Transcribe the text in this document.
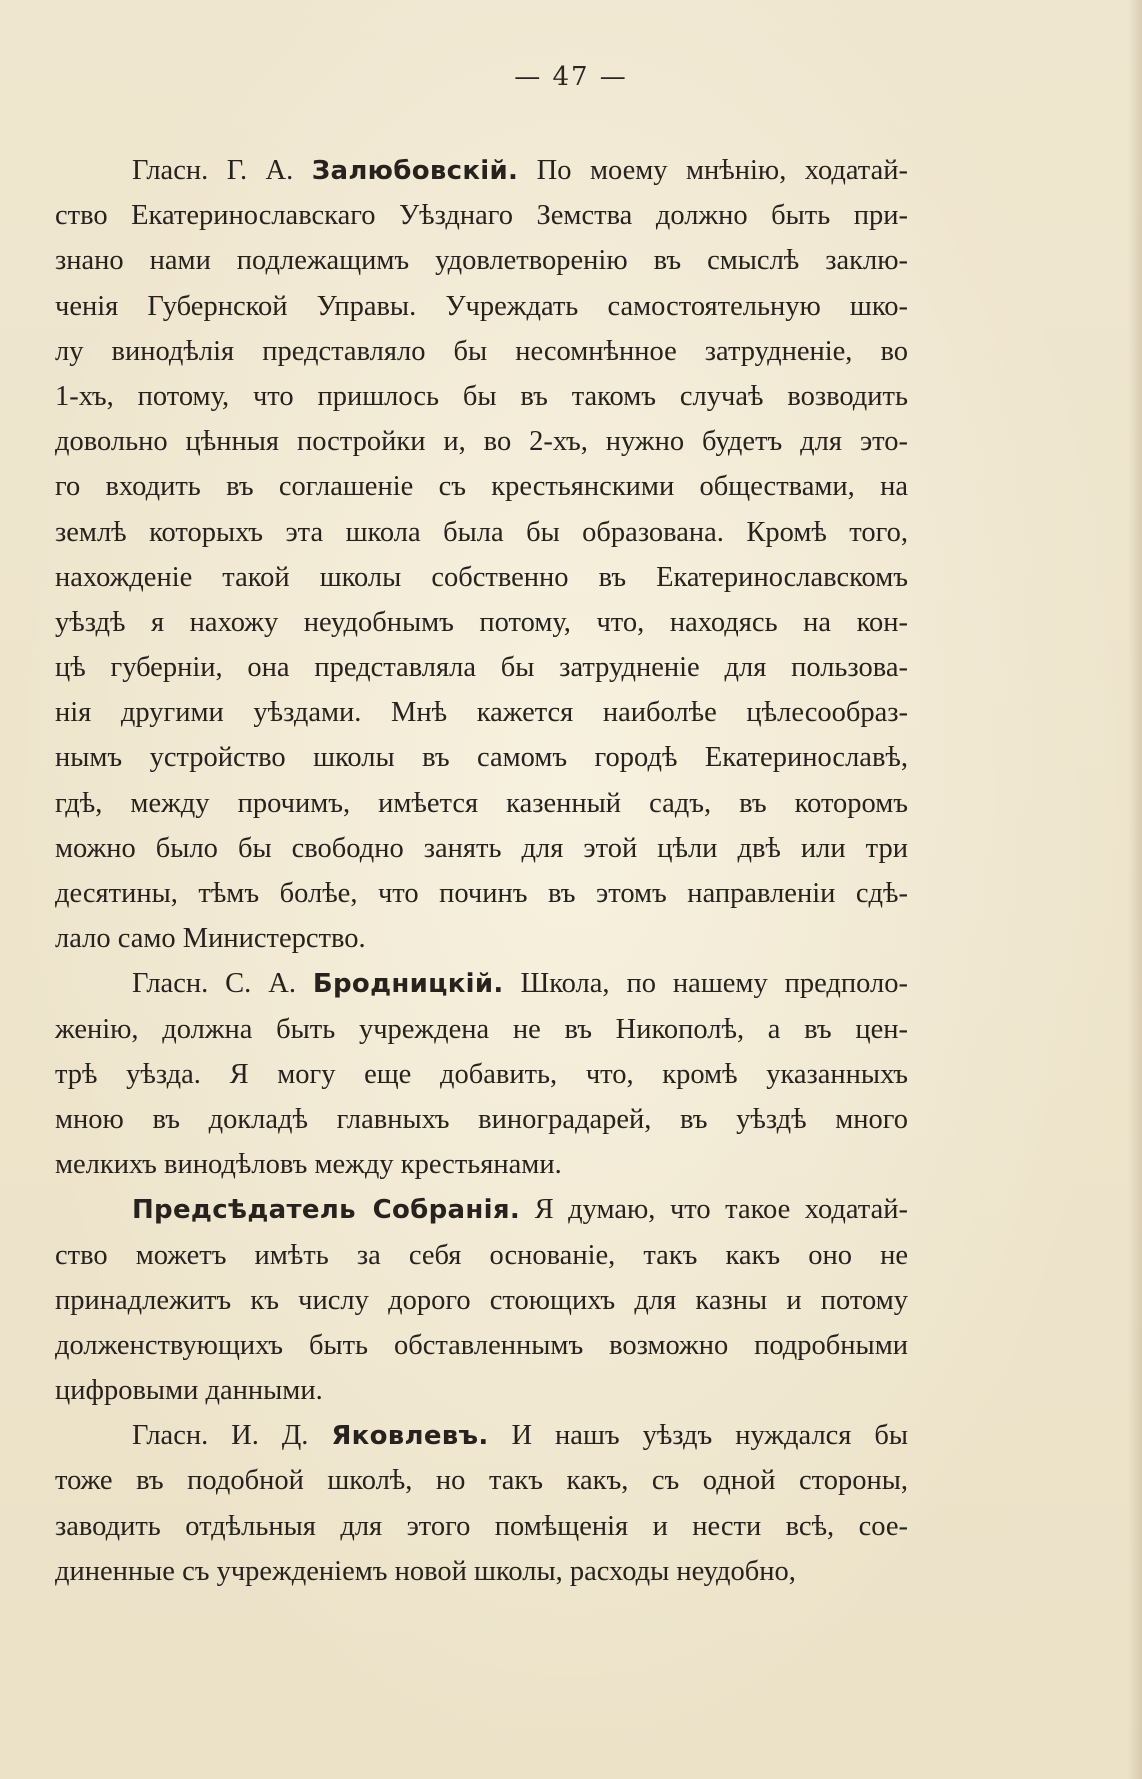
— 47 —
Гласн. Г. А. Залюбовскій. По моему мнѣнію, ходатай-
ство Екатеринославскаго Уѣзднаго Земства должно быть при-
знано нами подлежащимъ удовлетворенію въ смыслѣ заклю-
ченія Губернской Управы. Учреждать самостоятельную шко-
лу винодѣлія представляло бы несомнѣнное затрудненіе, во
1-хъ, потому, что пришлось бы въ такомъ случаѣ возводить
довольно цѣнныя постройки и, во 2-хъ, нужно будетъ для это-
го входить въ соглашеніе съ крестьянскими обществами, на
землѣ которыхъ эта школа была бы образована. Кромѣ того,
нахожденіе такой школы собственно въ Екатеринославскомъ
уѣздѣ я нахожу неудобнымъ потому, что, находясь на кон-
цѣ губерніи, она представляла бы затрудненіе для пользова-
нія другими уѣздами. Мнѣ кажется наиболѣе цѣлесообраз-
нымъ устройство школы въ самомъ городѣ Екатеринославѣ,
гдѣ, между прочимъ, имѣется казенный садъ, въ которомъ
можно было бы свободно занять для этой цѣли двѣ или три
десятины, тѣмъ болѣе, что починъ въ этомъ направленіи сдѣ-
лало само Министерство.
Гласн. С. А. Бродницкій. Школа, по нашему предполо-
женію, должна быть учреждена не въ Никополѣ, а въ цен-
трѣ уѣзда. Я могу еще добавить, что, кромѣ указанныхъ
мною въ докладѣ главныхъ виноградарей, въ уѣздѣ много
мелкихъ винодѣловъ между крестьянами.
Предсѣдатель Собранія. Я думаю, что такое ходатай-
ство можетъ имѣть за себя основаніе, такъ какъ оно не
принадлежитъ къ числу дорого стоющихъ для казны и потому
долженствующихъ быть обставленнымъ возможно подробными
цифровыми данными.
Гласн. И. Д. Яковлевъ. И нашъ уѣздъ нуждался бы
тоже въ подобной школѣ, но такъ какъ, съ одной стороны,
заводить отдѣльныя для этого помѣщенія и нести всѣ, сое-
диненные съ учрежденіемъ новой школы, расходы неудобно,
